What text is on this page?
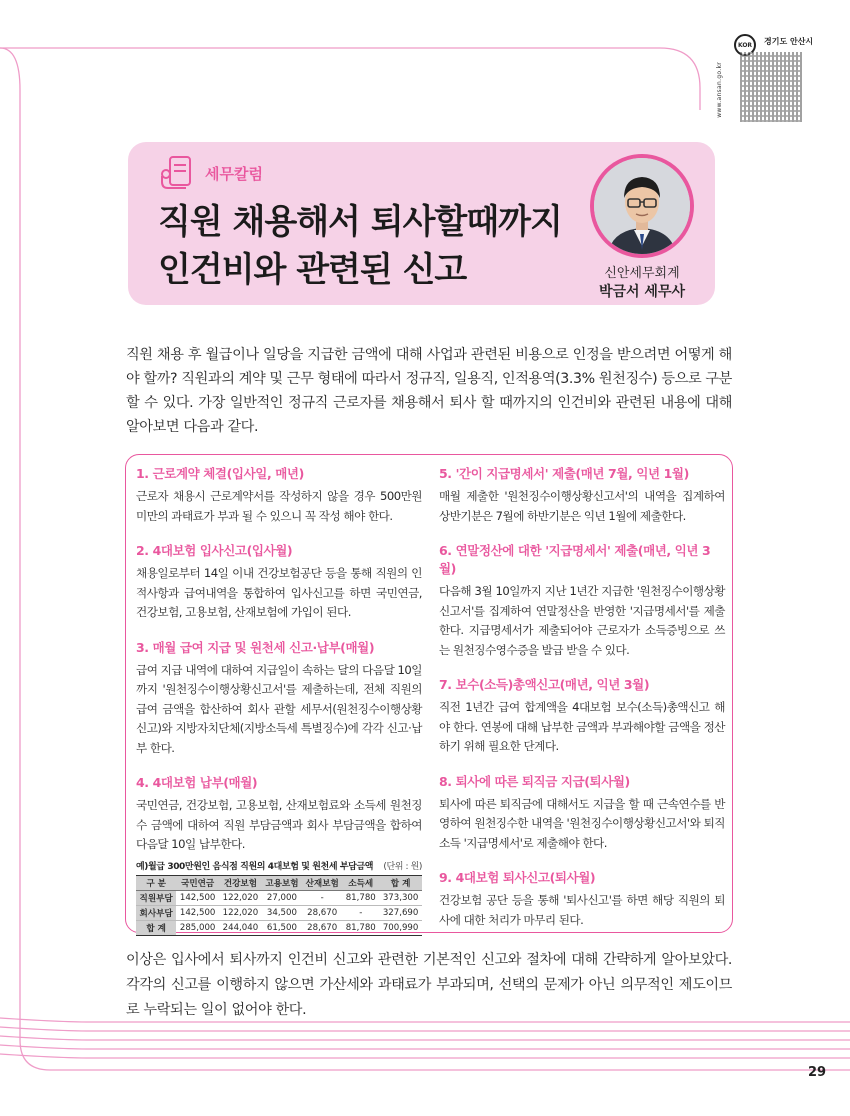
KOR	경기도 안산시
www.ansan.go.kr
세무칼럼
직원 채용해서 퇴사할때까지
인건비와 관련된 신고	신안세무회계
박금서 세무사

직원 채용 후 월급이나 일당을 지급한 금액에 대해 사업과 관련된 비용으로 인정을 받으려면 어떻게 해야 할까? 직원과의 계약 및 근무 형태에 따라서 정규직, 일용직, 인적용역(3.3% 원천징수) 등으로 구분할 수 있다. 가장 일반적인 정규직 근로자를 채용해서 퇴사 할 때까지의 인건비와 관련된 내용에 대해 알아보면 다음과 같다.

1. 근로계약 체결(입사일, 매년)
근로자 채용시 근로계약서를 작성하지 않을 경우 500만원 미만의 과태료가 부과 될 수 있으니 꼭 작성 해야 한다.
2. 4대보험 입사신고(입사월)
채용일로부터 14일 이내 건강보험공단 등을 통해 직원의 인적사항과 급여내역을 통합하여 입사신고를 하면 국민연금, 건강보험, 고용보험, 산재보험에 가입이 된다.
3. 매월 급여 지급 및 원천세 신고·납부(매월)
급여 지급 내역에 대하여 지급일이 속하는 달의 다음달 10일까지 '원천징수이행상황신고서'를 제출하는데, 전체 직원의 급여 금액을 합산하여 회사 관할 세무서(원천징수이행상황신고)와 지방자치단체(지방소득세 특별징수)에 각각 신고·납부 한다.
4. 4대보험 납부(매월)
국민연금, 건강보험, 고용보험, 산재보험료와 소득세 원천징수 금액에 대하여 직원 부담금액과 회사 부담금액을 합하여 다음달 10일 납부한다.
예)월급 300만원인 음식점 직원의 4대보험 및 원천세 부담금액 (단위 : 원)
구 분	국민연금	건강보험	고용보험	산재보험	소득세	합 계
직원부담	142,500	122,020	27,000	-	81,780	373,300
회사부담	142,500	122,020	34,500	28,670	-	327,690
합 계	285,000	244,040	61,500	28,670	81,780	700,990
5. '간이 지급명세서' 제출(매년 7월, 익년 1월)
매월 제출한 '원천징수이행상황신고서'의 내역을 집계하여 상반기분은 7월에 하반기분은 익년 1월에 제출한다.
6. 연말정산에 대한 '지급명세서' 제출(매년, 익년 3월)
다음해 3월 10일까지 지난 1년간 지급한 '원천징수이행상황신고서'를 집계하여 연말정산을 반영한 '지급명세서'를 제출한다. 지급명세서가 제출되어야 근로자가 소득증빙으로 쓰는 원천징수영수증을 발급 받을 수 있다.
7. 보수(소득)총액신고(매년, 익년 3월)
직전 1년간 급여 합계액을 4대보험 보수(소득)총액신고 해야 한다. 연봉에 대해 납부한 금액과 부과해야할 금액을 정산하기 위해 필요한 단계다.
8. 퇴사에 따른 퇴직금 지급(퇴사월)
퇴사에 따른 퇴직금에 대해서도 지급을 할 때 근속연수를 반영하여 원천징수한 내역을 '원천징수이행상황신고서'와 퇴직소득 '지급명세서'로 제출해야 한다.
9. 4대보험 퇴사신고(퇴사월)
건강보험 공단 등을 통해 '퇴사신고'를 하면 해당 직원의 퇴사에 대한 처리가 마무리 된다.

이상은 입사에서 퇴사까지 인건비 신고와 관련한 기본적인 신고와 절차에 대해 간략하게 알아보았다. 각각의 신고를 이행하지 않으면 가산세와 과태료가 부과되며, 선택의 문제가 아닌 의무적인 제도이므로 누락되는 일이 없어야 한다.

29
